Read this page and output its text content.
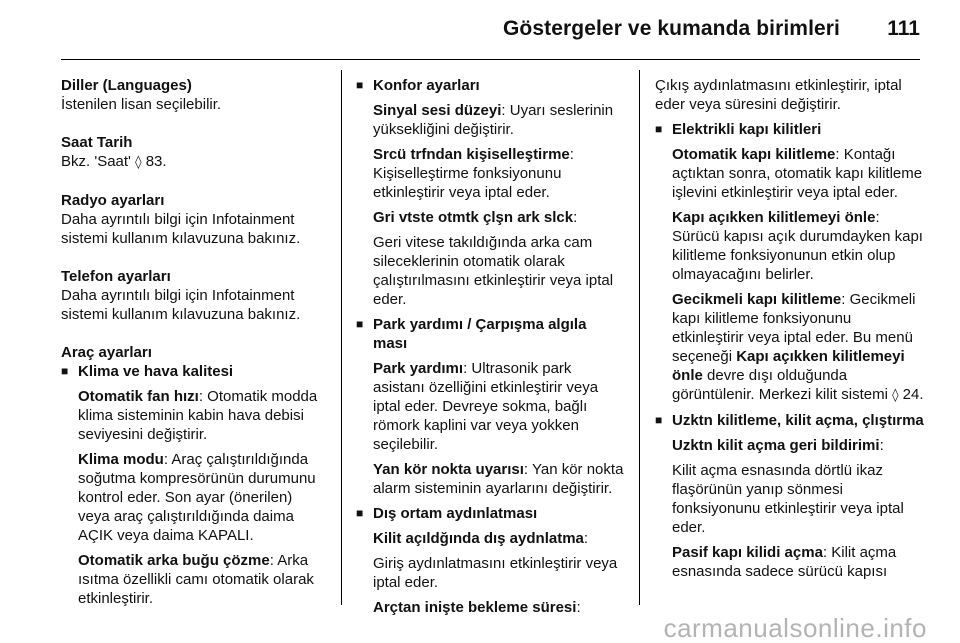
Göstergeler ve kumanda birimleri 111
Diller (Languages)
İstenilen lisan seçilebilir.
Saat Tarih
Bkz. 'Saat' ◊ 83.
Radyo ayarları
Daha ayrıntılı bilgi için Infotainment
sistemi kullanım kılavuzuna bakınız.
Telefon ayarları
Daha ayrıntılı bilgi için Infotainment
sistemi kullanım kılavuzuna bakınız.
Araç ayarları
■ Klima ve hava kalitesi
Otomatik fan hızı: Otomatik modda klima sisteminin kabin hava debisi seviyesini değiştirir.
Klima modu: Araç çalıştırıldığında soğutma kompresörünün durumunu kontrol eder. Son ayar (önerilen) veya araç çalıştırıldığında daima AÇIK veya daima KAPALI.
Otomatik arka buğu çözme: Arka ısıtma özellikli camı otomatik olarak etkinleştirir.
■ Konfor ayarları
Sinyal sesi düzeyi: Uyarı seslerinin yüksekliğini değiştirir.
Srcü trfndan kişiselleştirme: Kişiselleştirme fonksiyonunu etkinleştirir veya iptal eder.
Gri vtste otmtk çlşn ark slck:
Geri vitese takıldığında arka cam sileceklerinin otomatik olarak çalıştırılmasını etkinleştirir veya iptal eder.
■ Park yardımı / Çarpışma algıla ması
Park yardımı: Ultrasonik park asistanı özelliğini etkinleştirir veya iptal eder. Devreye sokma, bağlı römork kaplini var veya yokken seçilebilir.
Yan kör nokta uyarısı: Yan kör nokta alarm sisteminin ayarlarını değiştirir.
■ Dış ortam aydınlatması
Kilit açıldğında dış aydnlatma:
Giriş aydınlatmasını etkinleştirir veya iptal eder.
Arçtan inişte bekleme süresi:
Çıkış aydınlatmasını etkinleştirir, iptal eder veya süresini değiştirir.
■ Elektrikli kapı kilitleri
Otomatik kapı kilitleme: Kontağı açtıktan sonra, otomatik kapı kilitleme işlevini etkinleştirir veya iptal eder.
Kapı açıkken kilitlemeyi önle: Sürücü kapısı açık durumdayken kapı kilitleme fonksiyonunun etkin olup olmayacağını belirler.
Gecikmeli kapı kilitleme: Gecikmeli kapı kilitleme fonksiyonunu etkinleştirir veya iptal eder. Bu menü seçeneği Kapı açıkken kilitlemeyi önle devre dışı olduğunda görüntülenir. Merkezi kilit sistemi ◊ 24.
■ Uzktn kilitleme, kilit açma, çlıştırma
Uzktn kilit açma geri bildirimi:
Kilit açma esnasında dörtlü ikaz flaşörünün yanıp sönmesi fonksiyonunu etkinleştirir veya iptal eder.
Pasif kapı kilidi açma: Kilit açma esnasında sadece sürücü kapısı
carmanualsonline.info
